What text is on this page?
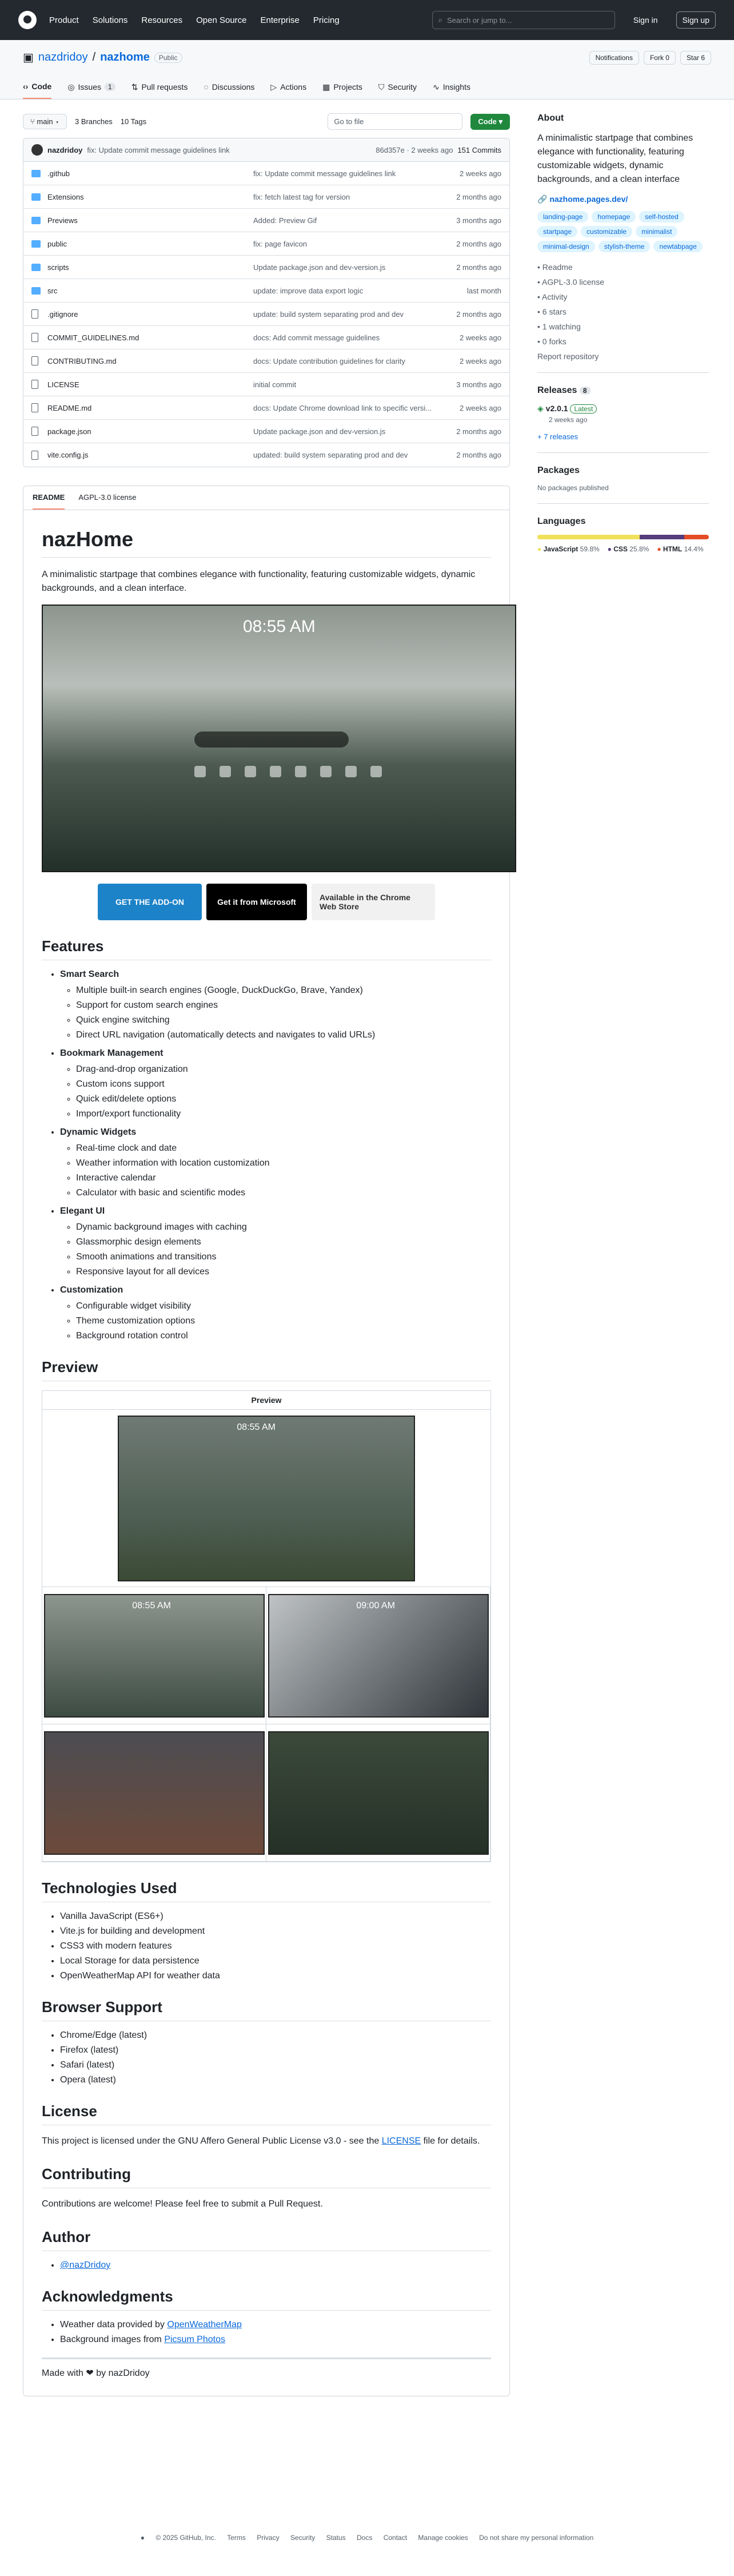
Product Solutions Resources Open Source Enterprise Pricing	⌕ Search or jump to...	Sign in	Sign up
▣ nazdridoy / nazhome	Public	Notifications	Fork 0	Star 6
‹› Code ◎ Issues	1	⇅ Pull requests ◌ Discussions ▷ Actions ▦ Projects ⛉ Security ∿ Insights
⑂ main ▾	3 Branches 10 Tags	Go to file	Code ▾
nazdridoy fix: Update commit message guidelines link	86d357e · 2 weeks ago 151 Commits
.github	fix: Update commit message guidelines link	2 weeks ago
Extensions	fix: fetch latest tag for version	2 months ago
Previews	Added: Preview Gif	3 months ago
public	fix: page favicon	2 months ago
scripts	Update package.json and dev-version.js	2 months ago
src	update: improve data export logic	last month
.gitignore	update: build system separating prod and dev	2 months ago
COMMIT_GUIDELINES.md	docs: Add commit message guidelines	2 weeks ago
CONTRIBUTING.md	docs: Update contribution guidelines for clarity	2 weeks ago
LICENSE	initial commit	3 months ago
README.md	docs: Update Chrome download link to specific versi...	2 weeks ago
package.json	Update package.json and dev-version.js	2 months ago
vite.config.js	updated: build system separating prod and dev	2 months ago
README AGPL-3.0 license
nazHome

A minimalistic startpage that combines elegance with functionality, featuring customizable widgets, dynamic backgrounds, and a clean interface.

08:55 AM
GET THE ADD-ON	Get it from Microsoft	Available in the Chrome Web Store
Features
• Smart Search
◦ Multiple built-in search engines (Google, DuckDuckGo, Brave, Yandex)
◦ Support for custom search engines
◦ Quick engine switching
◦ Direct URL navigation (automatically detects and navigates to valid URLs)
• Bookmark Management
◦ Drag-and-drop organization
◦ Custom icons support
◦ Quick edit/delete options
◦ Import/export functionality
• Dynamic Widgets
◦ Real-time clock and date
◦ Weather information with location customization
◦ Interactive calendar
◦ Calculator with basic and scientific modes
• Elegant UI
◦ Dynamic background images with caching
◦ Glassmorphic design elements
◦ Smooth animations and transitions
◦ Responsive layout for all devices
• Customization
◦ Configurable widget visibility
◦ Theme customization options
◦ Background rotation control
Preview
Preview
08:55 AM
08:55 AM	09:00 AM
Technologies Used
• Vanilla JavaScript (ES6+)
• Vite.js for building and development
• CSS3 with modern features
• Local Storage for data persistence
• OpenWeatherMap API for weather data
Browser Support
• Chrome/Edge (latest)
• Firefox (latest)
• Safari (latest)
• Opera (latest)
License

This project is licensed under the GNU Affero General Public License v3.0 - see the LICENSE file for details.

Contributing

Contributions are welcome! Please feel free to submit a Pull Request.

Author
• @nazDridoy
Acknowledgments
• Weather data provided by OpenWeatherMap
• Background images from Picsum Photos
Made with ❤ by nazDridoy
About

A minimalistic startpage that combines elegance with functionality, featuring customizable widgets, dynamic backgrounds, and a clean interface

🔗 nazhome.pages.dev/
landing-page	homepage	self-hosted
startpage	customizable	minimalist
minimal-design	stylish-theme	newtabpage
• Readme
• AGPL-3.0 license
• Activity
• 6 stars
• 1 watching
• 0 forks
Report repository
Releases 8
◈ v2.0.1 Latest
2 weeks ago
+ 7 releases
Packages
No packages published
Languages
● JavaScript 59.8% ● CSS 25.8% ● HTML 14.4%
● © 2025 GitHub, Inc. Terms Privacy Security Status Docs Contact Manage cookies Do not share my personal information
